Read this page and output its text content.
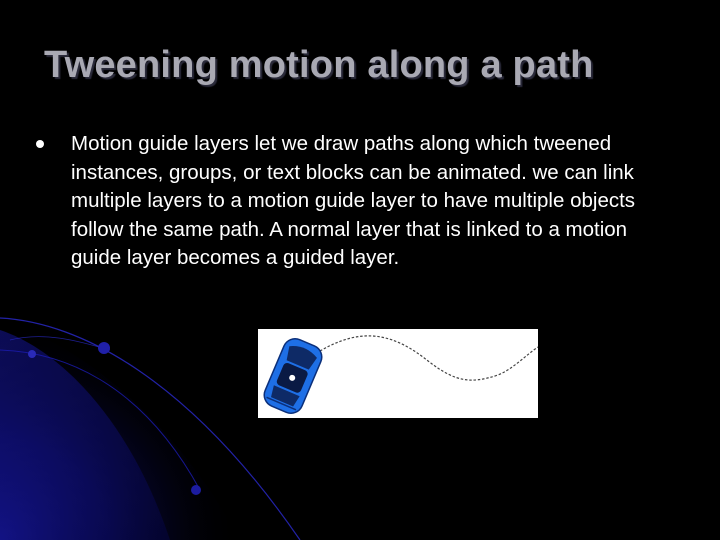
Tweening motion along a path
Motion guide layers let we draw paths along which tweened instances, groups, or text blocks can be animated. we can link multiple layers to a motion guide layer to have multiple objects follow the same path. A normal layer that is linked to a motion guide layer becomes a guided layer.
